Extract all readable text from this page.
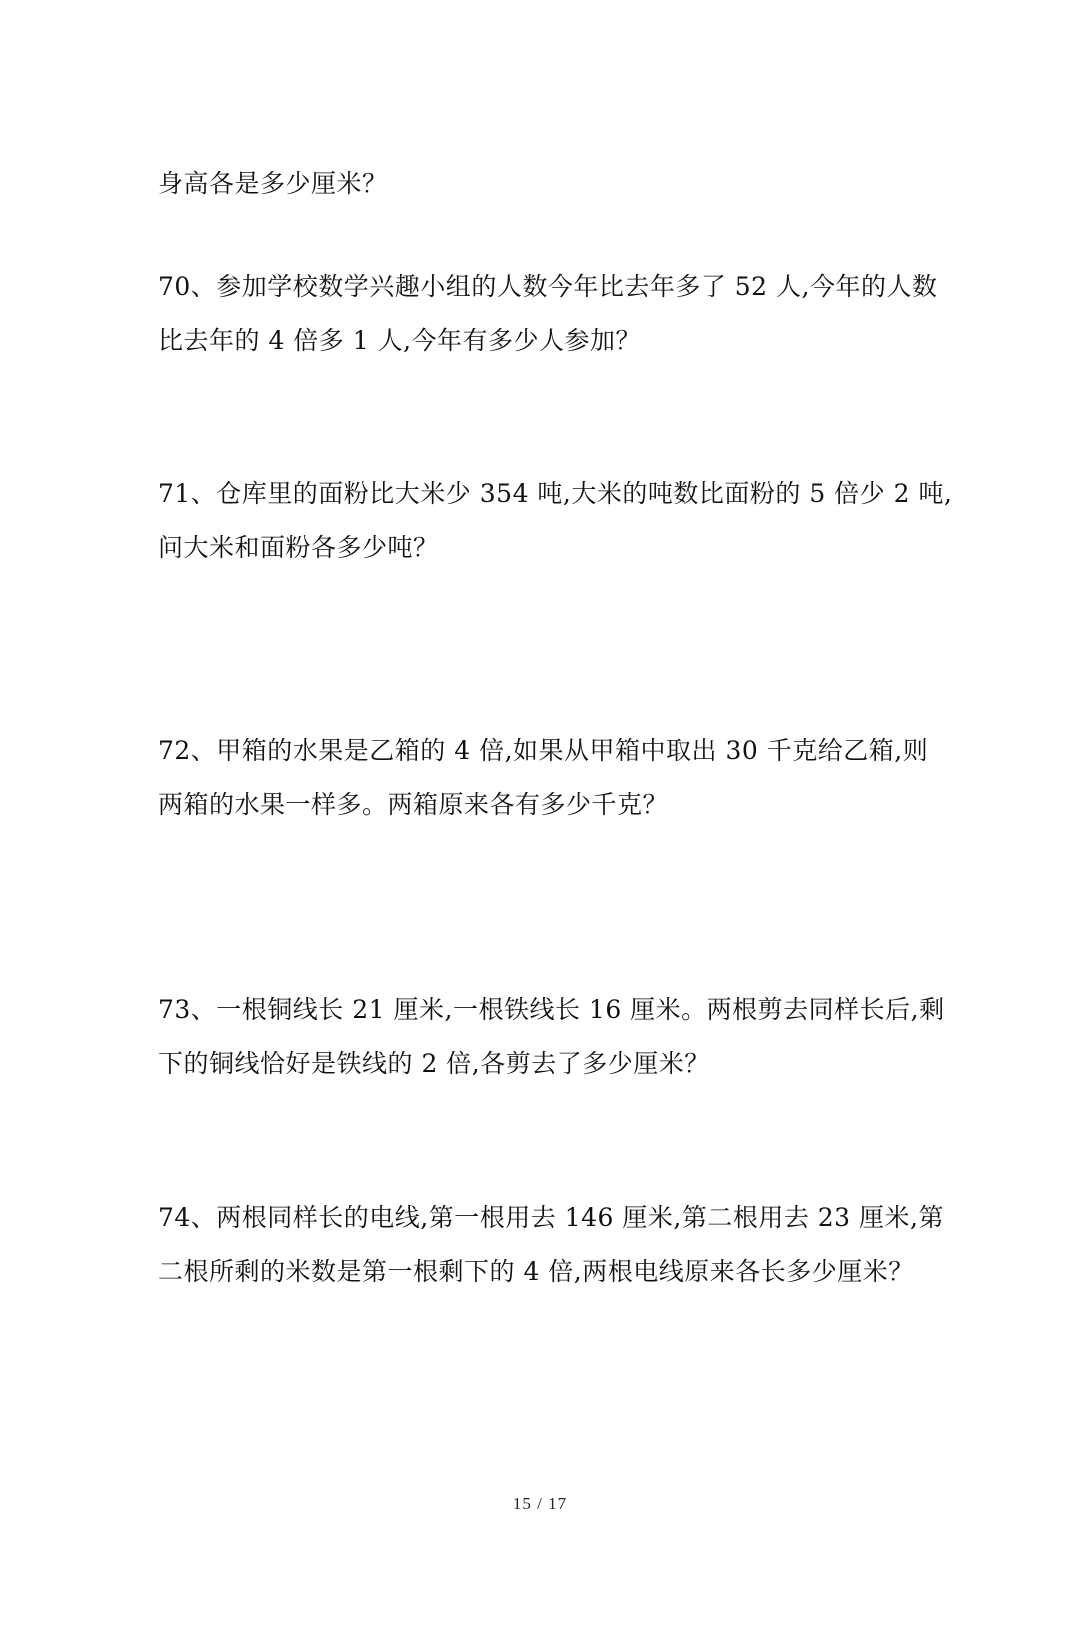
身高各是多少厘米？
70、参加学校数学兴趣小组的人数今年比去年多了 52 人,今年的人数
比去年的 4 倍多 1 人,今年有多少人参加？
71、仓库里的面粉比大米少 354 吨,大米的吨数比面粉的 5 倍少 2 吨,
问大米和面粉各多少吨？
72、甲箱的水果是乙箱的 4 倍,如果从甲箱中取出 30 千克给乙箱,则
两箱的水果一样多。两箱原来各有多少千克？
73、一根铜线长 21 厘米,一根铁线长 16 厘米。两根剪去同样长后,剩
下的铜线恰好是铁线的 2 倍,各剪去了多少厘米？
74、两根同样长的电线,第一根用去 146 厘米,第二根用去 23 厘米,第
二根所剩的米数是第一根剩下的 4 倍,两根电线原来各长多少厘米？
15 / 17
